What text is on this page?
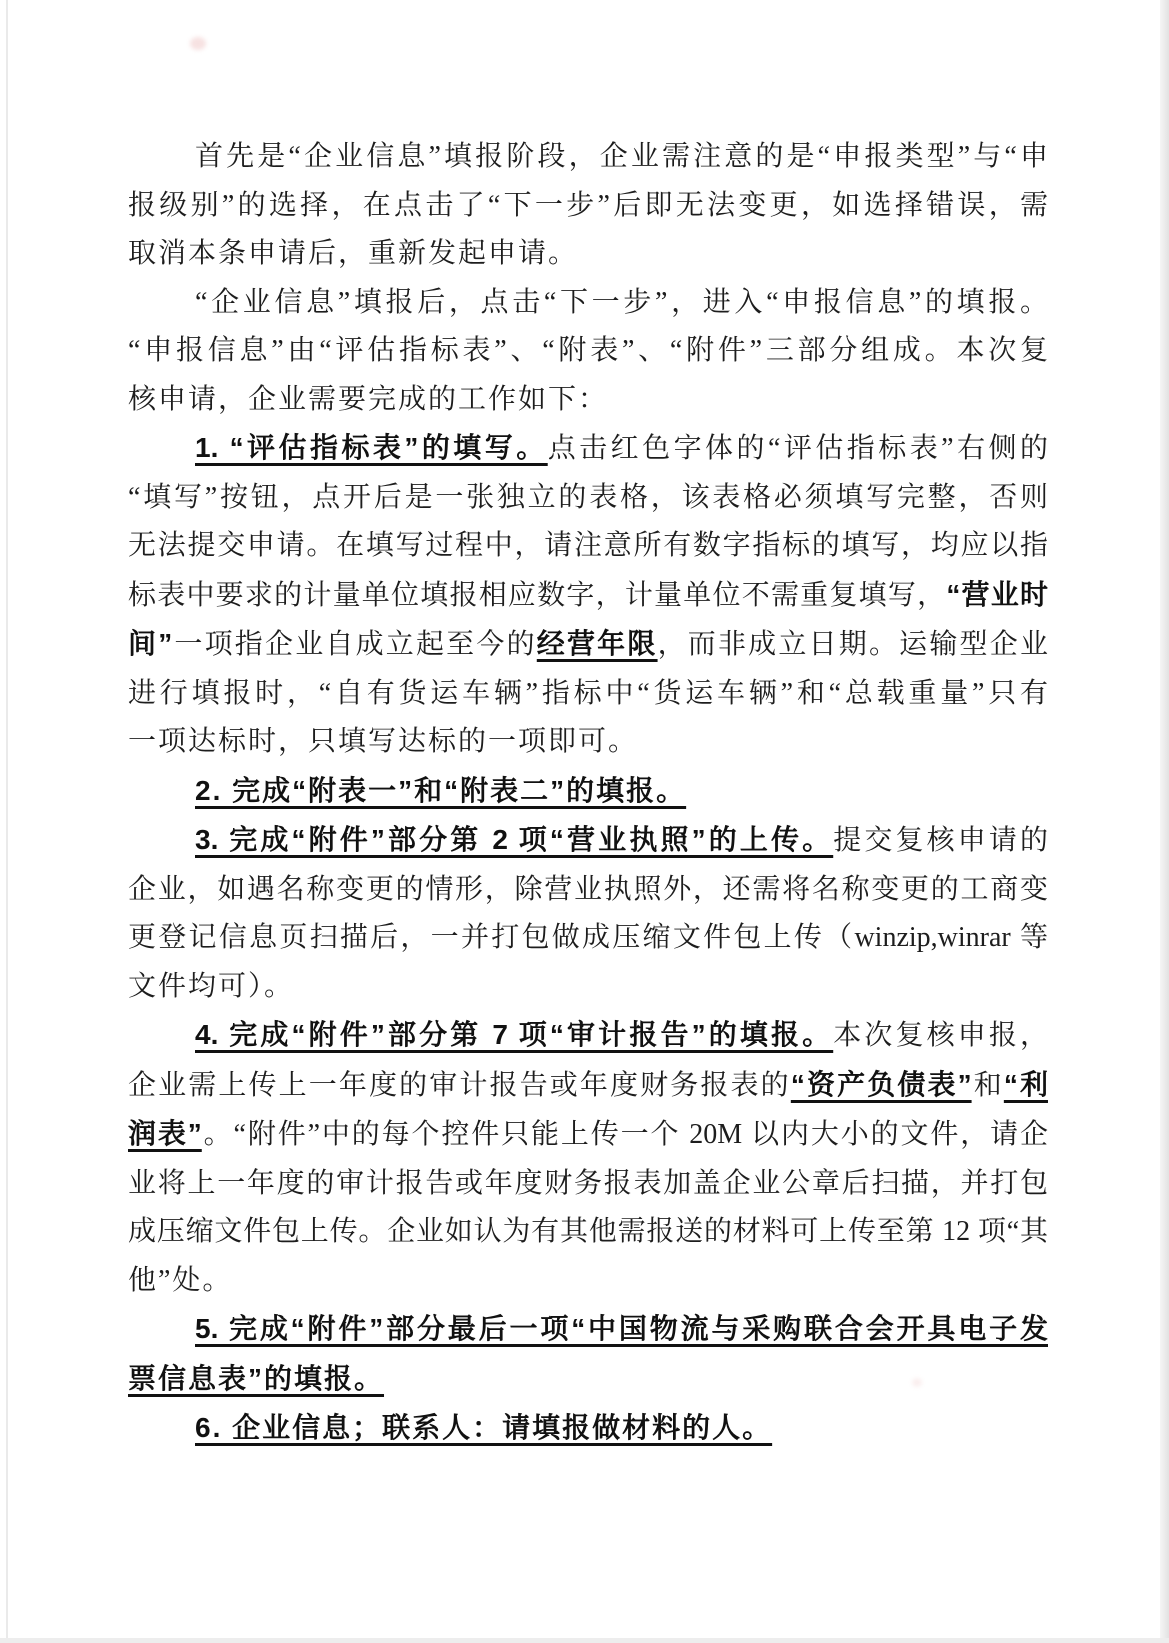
首先是“企业信息”填报阶段，企业需注意的是“申报类型”与“申
报级别”的选择，在点击了“下一步”后即无法变更，如选择错误，需
取消本条申请后，重新发起申请。
“企业信息”填报后，点击“下一步”，进入“申报信息”的填报。
“申报信息”由“评估指标表”、“附表”、“附件”三部分组成。本次复
核申请，企业需要完成的工作如下：
1. “评估指标表”的填写。点击红色字体的“评估指标表”右侧的
“填写”按钮，点开后是一张独立的表格，该表格必须填写完整，否则
无法提交申请。在填写过程中，请注意所有数字指标的填写，均应以指
标表中要求的计量单位填报相应数字，计量单位不需重复填写，“营业时
间”一项指企业自成立起至今的经营年限，而非成立日期。运输型企业
进行填报时，“自有货运车辆”指标中“货运车辆”和“总载重量”只有
一项达标时，只填写达标的一项即可。
2. 完成“附表一”和“附表二”的填报。
3. 完成“附件”部分第 2 项“营业执照”的上传。提交复核申请的
企业，如遇名称变更的情形，除营业执照外，还需将名称变更的工商变
更登记信息页扫描后，一并打包做成压缩文件包上传（winzip,winrar 等
文件均可）。
4. 完成“附件”部分第 7 项“审计报告”的填报。本次复核申报，
企业需上传上一年度的审计报告或年度财务报表的“资产负债表”和“利
润表”。“附件”中的每个控件只能上传一个 20M 以内大小的文件，请企
业将上一年度的审计报告或年度财务报表加盖企业公章后扫描，并打包
成压缩文件包上传。企业如认为有其他需报送的材料可上传至第 12 项“其
他”处。
5. 完成“附件”部分最后一项“中国物流与采购联合会开具电子发
票信息表”的填报。
6. 企业信息；联系人：请填报做材料的人。
